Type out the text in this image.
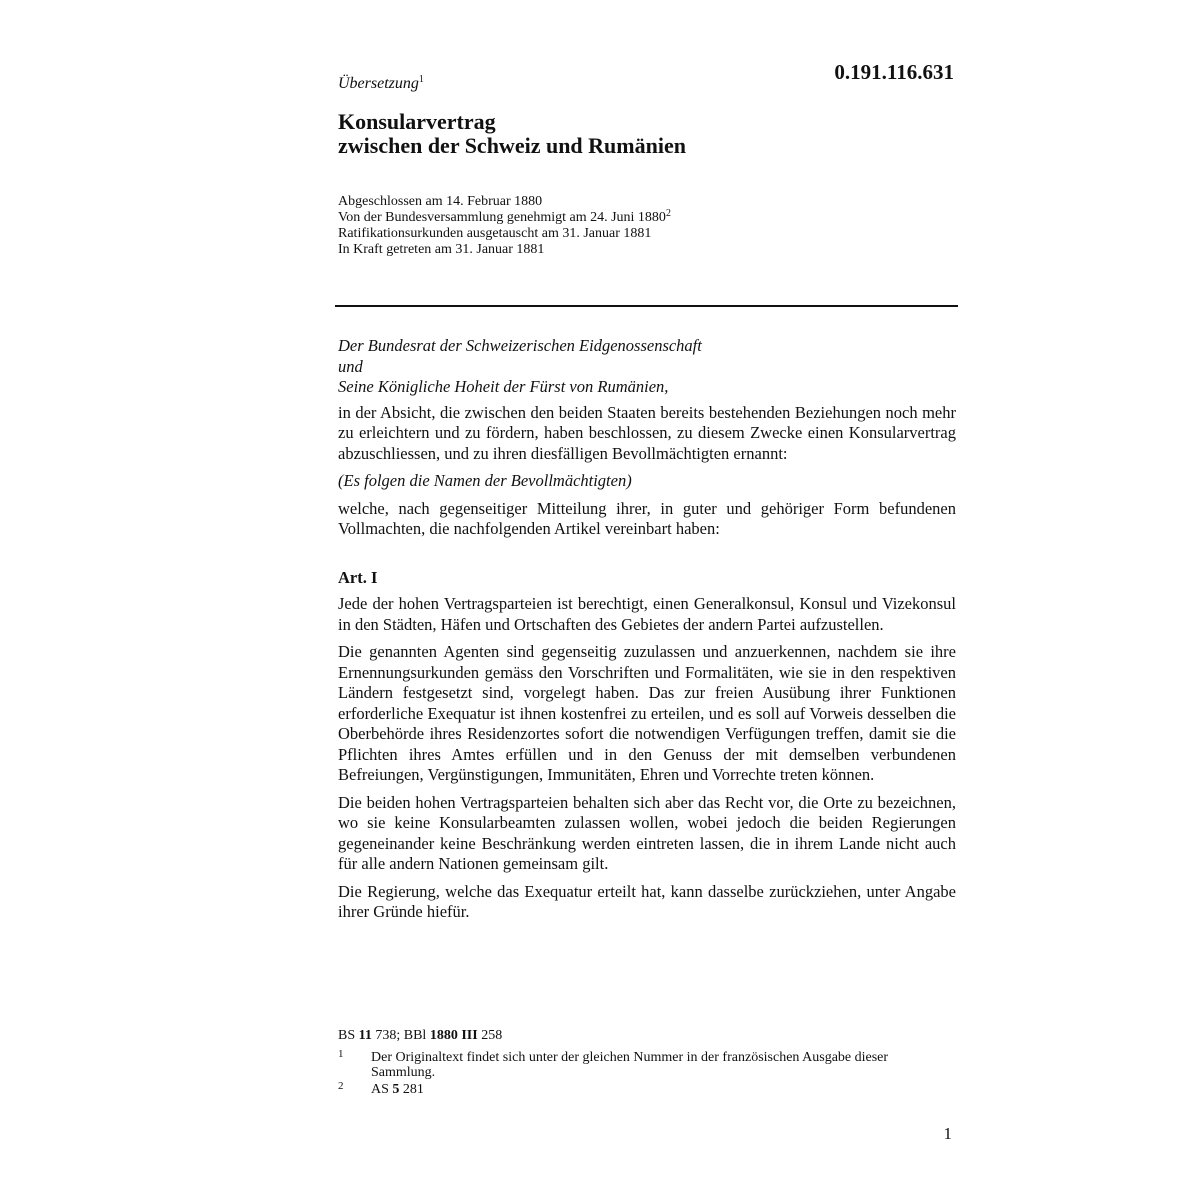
Übersetzung$^1$	0.191.116.631
Konsularvertrag
zwischen der Schweiz und Rumänien
Abgeschlossen am 14. Februar 1880
Von der Bundesversammlung genehmigt am 24. Juni 1880$^2$
Ratifikationsurkunden ausgetauscht am 31. Januar 1881
In Kraft getreten am 31. Januar 1881

Der Bundesrat der Schweizerischen Eidgenossenschaft

und

Seine Königliche Hoheit der Fürst von Rumänien,

in der Absicht, die zwischen den beiden Staaten bereits bestehenden Beziehungen noch mehr zu erleichtern und zu fördern, haben beschlossen, zu diesem Zwecke einen Konsularvertrag abzuschliessen, und zu ihren diesfälligen Bevollmächtigten ernannt:

(Es folgen die Namen der Bevollmächtigten)

welche, nach gegenseitiger Mitteilung ihrer, in guter und gehöriger Form befundenen Vollmachten, die nachfolgenden Artikel vereinbart haben:

Art. I

Jede der hohen Vertragsparteien ist berechtigt, einen Generalkonsul, Konsul und Vizekonsul in den Städten, Häfen und Ortschaften des Gebietes der andern Partei aufzustellen.

Die genannten Agenten sind gegenseitig zuzulassen und anzuerkennen, nachdem sie ihre Ernennungsurkunden gemäss den Vorschriften und Formalitäten, wie sie in den respektiven Ländern festgesetzt sind, vorgelegt haben. Das zur freien Ausübung ihrer Funktionen erforderliche Exequatur ist ihnen kostenfrei zu erteilen, und es soll auf Vorweis desselben die Oberbehörde ihres Residenzortes sofort die notwendigen Verfügungen treffen, damit sie die Pflichten ihres Amtes erfüllen und in den Genuss der mit demselben verbundenen Befreiungen, Vergünstigungen, Immunitäten, Ehren und Vorrechte treten können.

Die beiden hohen Vertragsparteien behalten sich aber das Recht vor, die Orte zu bezeichnen, wo sie keine Konsularbeamten zulassen wollen, wobei jedoch die beiden Regierungen gegeneinander keine Beschränkung werden eintreten lassen, die in ihrem Lande nicht auch für alle andern Nationen gemeinsam gilt.

Die Regierung, welche das Exequatur erteilt hat, kann dasselbe zurückziehen, unter Angabe ihrer Gründe hiefür.

BS 11 738; BBl 1880 III 258
1 Der Originaltext findet sich unter der gleichen Nummer in der französischen Ausgabe dieser Sammlung.
2 AS 5 281
1
